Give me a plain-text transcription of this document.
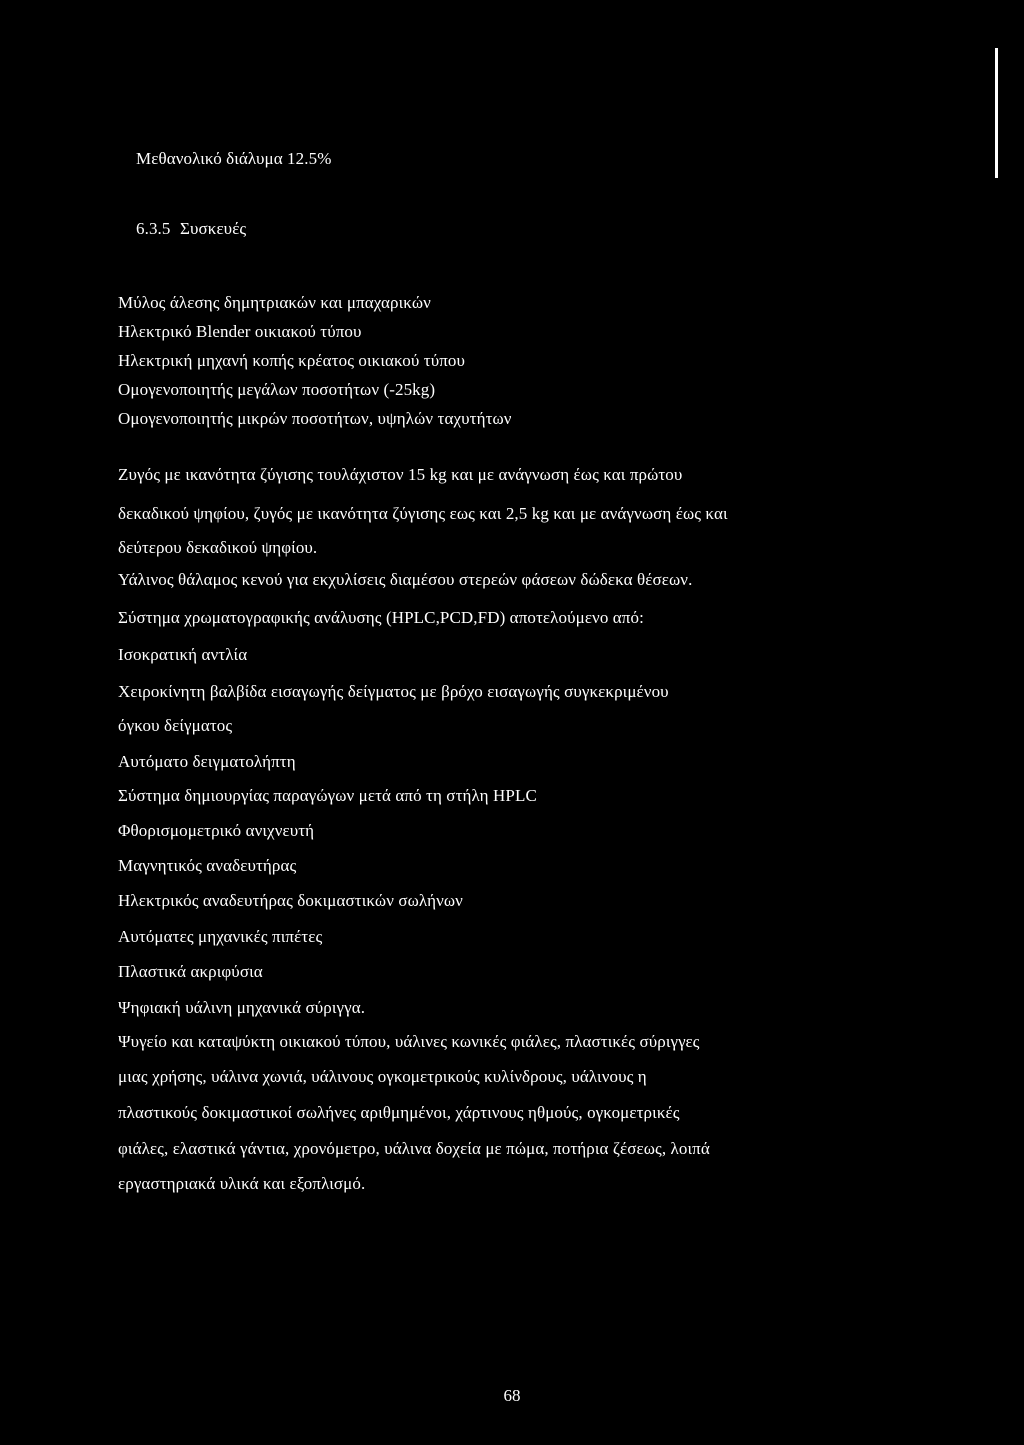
Μεθανολικό διάλυμα 12.5%
6.3.5 Συσκευές
Μύλος άλεσης δημητριακών και μπαχαρικών
Ηλεκτρικό Blender οικιακού τύπου
Ηλεκτρική μηχανή κοπής κρέατος οικιακού τύπου
Ομογενοποιητής μεγάλων ποσοτήτων (-25kg)
Ομογενοποιητής μικρών ποσοτήτων, υψηλών ταχυτήτων
Ζυγός με ικανότητα ζύγισης τουλάχιστον 15 kg και με ανάγνωση έως και πρώτου
δεκαδικού ψηφίου, ζυγός με ικανότητα ζύγισης εως και 2,5 kg και με ανάγνωση έως και
δεύτερου δεκαδικού ψηφίου.
Υάλινος θάλαμος κενού για εκχυλίσεις διαμέσου στερεών φάσεων δώδεκα θέσεων.
Σύστημα χρωματογραφικής ανάλυσης (HPLC,PCD,FD) αποτελούμενο από:
Ισοκρατική αντλία
Χειροκίνητη βαλβίδα εισαγωγής δείγματος με βρόχο εισαγωγής συγκεκριμένου
όγκου δείγματος
Αυτόματο δειγματολήπτη
Σύστημα δημιουργίας παραγώγων μετά από τη στήλη HPLC
Φθορισμομετρικό ανιχνευτή
Μαγνητικός αναδευτήρας
Ηλεκτρικός αναδευτήρας δοκιμαστικών σωλήνων
Αυτόματες μηχανικές πιπέτες
Πλαστικά ακριφύσια
Ψηφιακή υάλινη μηχανικά σύριγγα.
Ψυγείο και καταψύκτη οικιακού τύπου, υάλινες κωνικές φιάλες, πλαστικές σύριγγες
μιας χρήσης, υάλινα χωνιά, υάλινους ογκομετρικούς κυλίνδρους, υάλινους η
πλαστικούς δοκιμαστικοί σωλήνες αριθμημένοι, χάρτινους ηθμούς, ογκομετρικές
φιάλες, ελαστικά γάντια, χρονόμετρο, υάλινα δοχεία με πώμα, ποτήρια ζέσεως, λοιπά
εργαστηριακά υλικά και εξοπλισμό.
68
